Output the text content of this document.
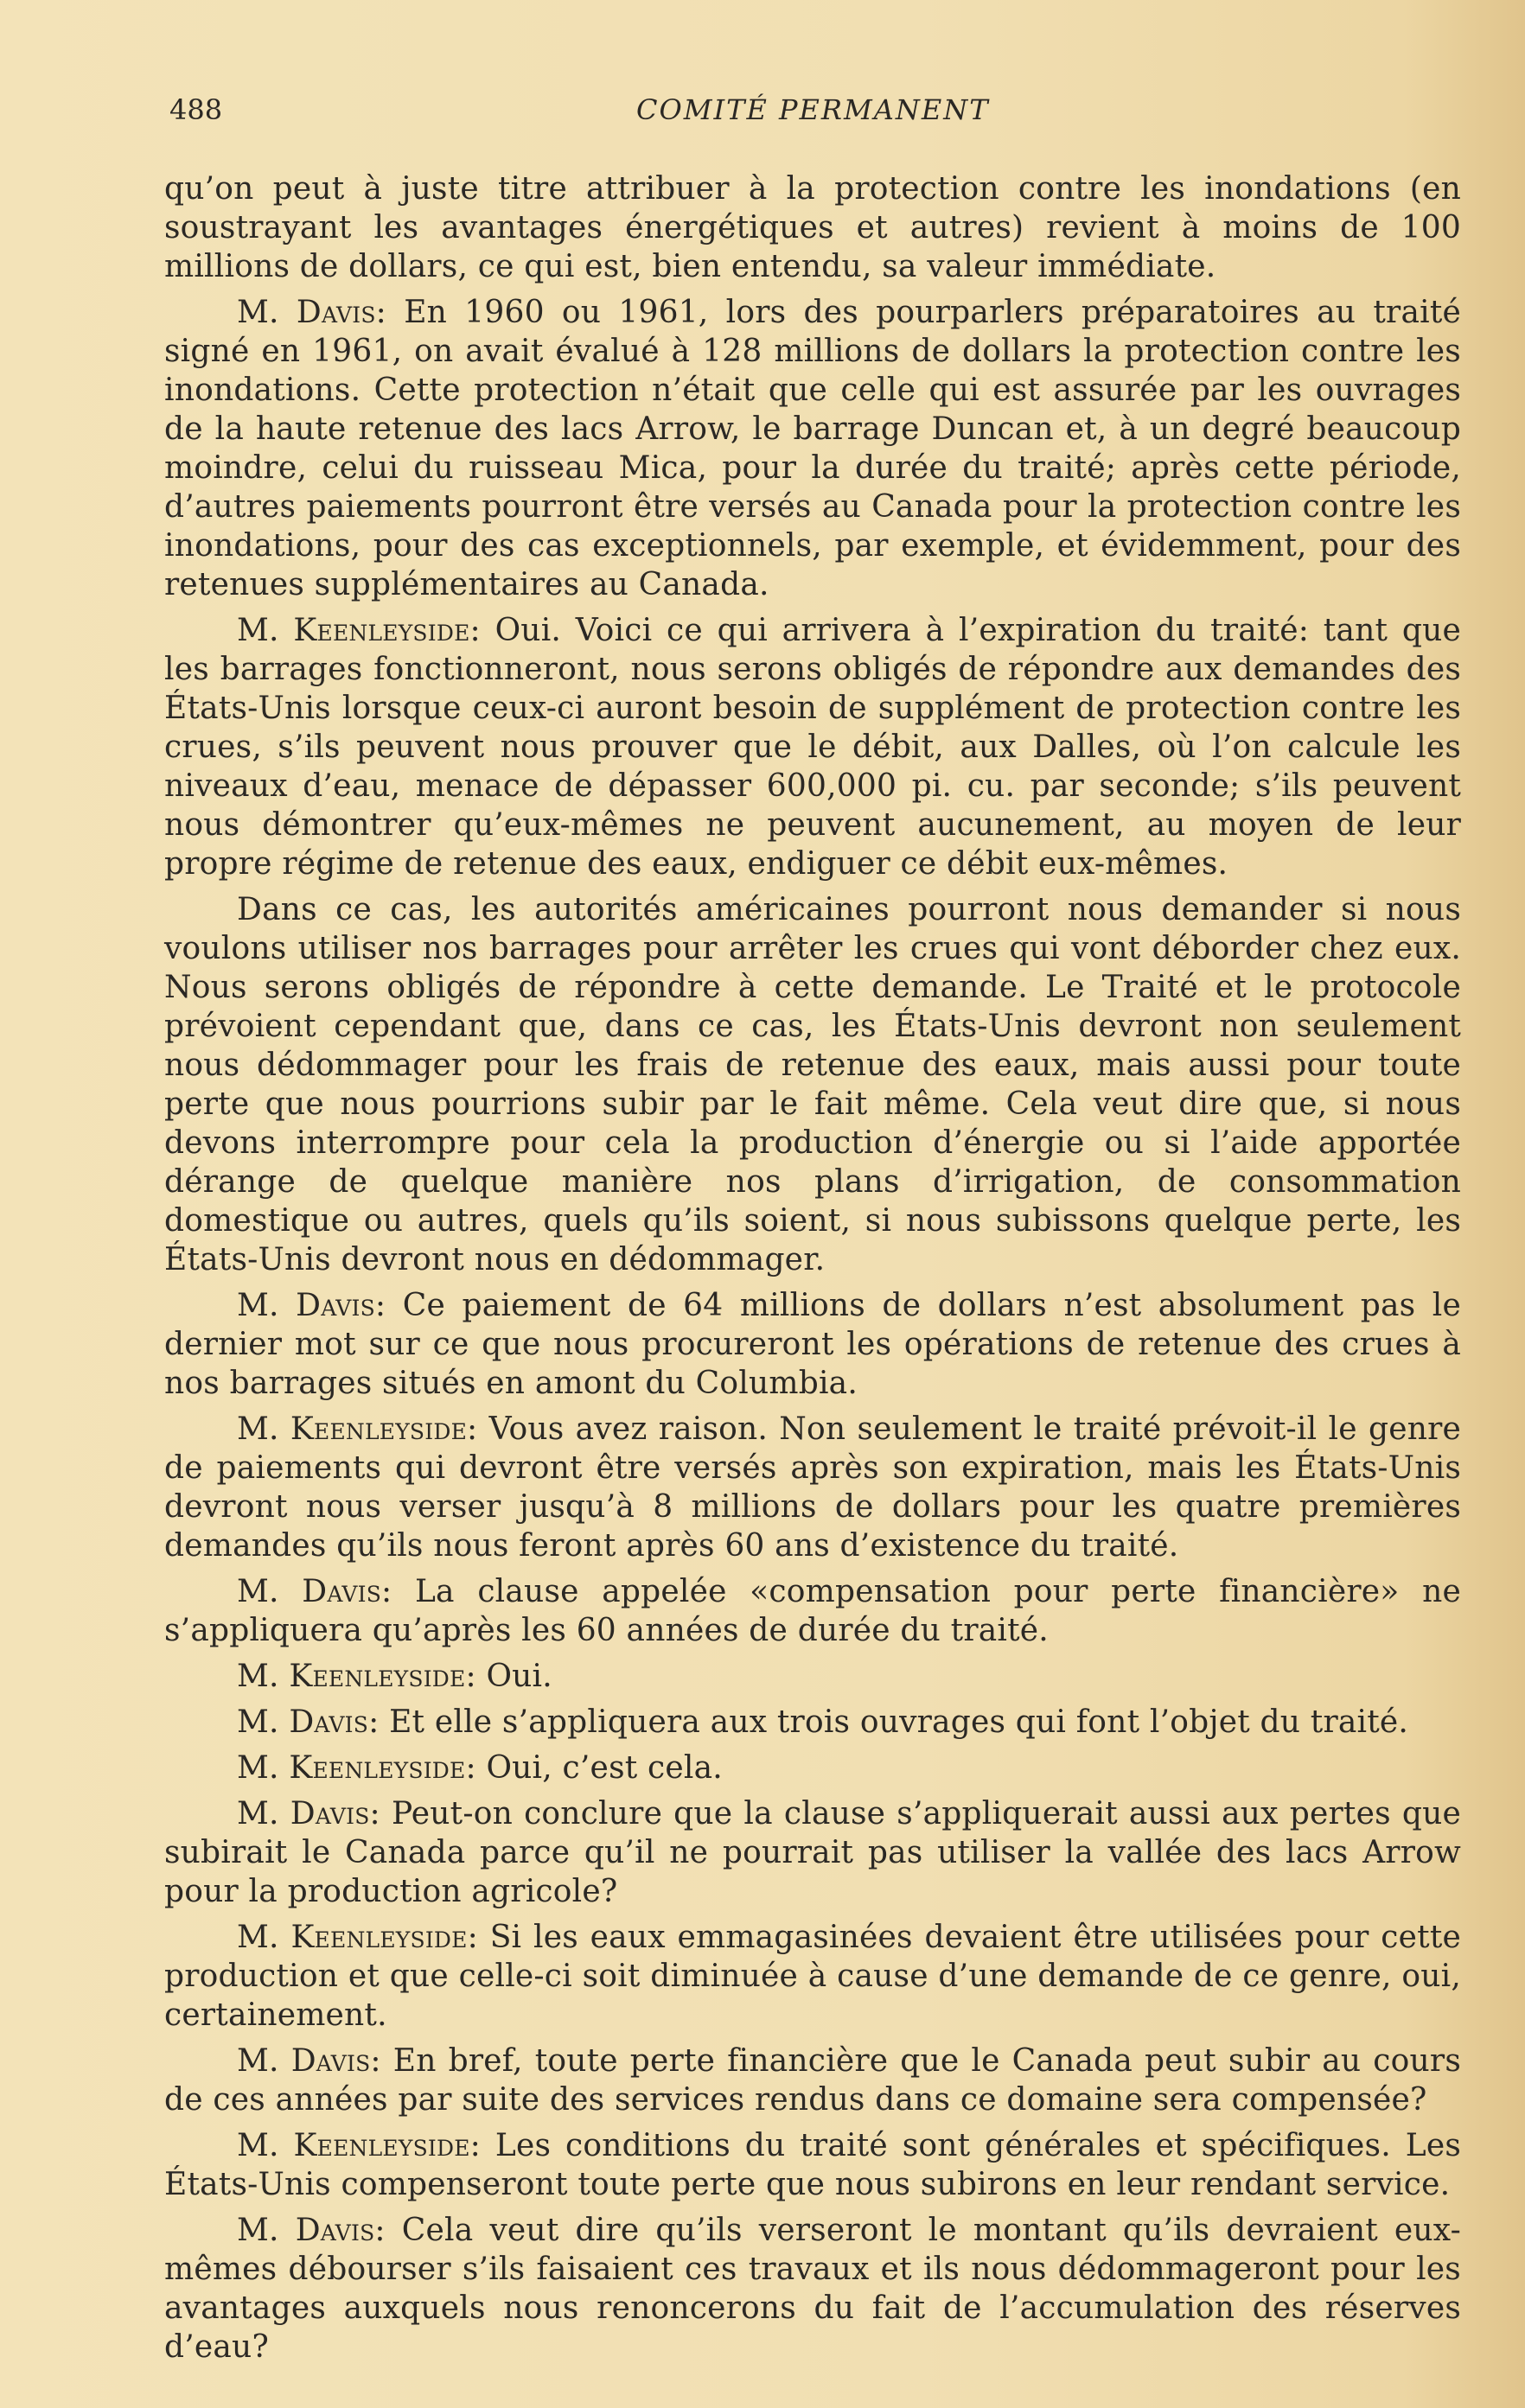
488	COMITÉ PERMANENT

qu’on peut à juste titre attribuer à la protection contre les inondations (en soustrayant les avantages énergétiques et autres) revient à moins de 100 millions de dollars, ce qui est, bien entendu, sa valeur immédiate.

M. Davis: En 1960 ou 1961, lors des pourparlers préparatoires au traité signé en 1961, on avait évalué à 128 millions de dollars la protection contre les inondations. Cette protection n’était que celle qui est assurée par les ouvrages de la haute retenue des lacs Arrow, le barrage Duncan et, à un degré beaucoup moindre, celui du ruisseau Mica, pour la durée du traité; après cette période, d’autres paiements pourront être versés au Canada pour la protection contre les inondations, pour des cas exceptionnels, par exemple, et évidemment, pour des retenues supplémentaires au Canada.

M. Keenleyside: Oui. Voici ce qui arrivera à l’expiration du traité: tant que les barrages fonctionneront, nous serons obligés de répondre aux demandes des États-Unis lorsque ceux-ci auront besoin de supplément de protection contre les crues, s’ils peuvent nous prouver que le débit, aux Dalles, où l’on calcule les niveaux d’eau, menace de dépasser 600,000 pi. cu. par seconde; s’ils peuvent nous démontrer qu’eux-mêmes ne peuvent aucunement, au moyen de leur propre régime de retenue des eaux, endiguer ce débit eux-mêmes.

Dans ce cas, les autorités américaines pourront nous demander si nous voulons utiliser nos barrages pour arrêter les crues qui vont déborder chez eux. Nous serons obligés de répondre à cette demande. Le Traité et le protocole prévoient cependant que, dans ce cas, les États-Unis devront non seulement nous dédommager pour les frais de retenue des eaux, mais aussi pour toute perte que nous pourrions subir par le fait même. Cela veut dire que, si nous devons interrompre pour cela la production d’énergie ou si l’aide apportée dérange de quelque manière nos plans d’irrigation, de consommation domestique ou autres, quels qu’ils soient, si nous subissons quelque perte, les États-Unis devront nous en dédommager.

M. Davis: Ce paiement de 64 millions de dollars n’est absolument pas le dernier mot sur ce que nous procureront les opérations de retenue des crues à nos barrages situés en amont du Columbia.

M. Keenleyside: Vous avez raison. Non seulement le traité prévoit-il le genre de paiements qui devront être versés après son expiration, mais les États-Unis devront nous verser jusqu’à 8 millions de dollars pour les quatre premières demandes qu’ils nous feront après 60 ans d’existence du traité.

M. Davis: La clause appelée «compensation pour perte financière» ne s’appliquera qu’après les 60 années de durée du traité.

M. Keenleyside: Oui.

M. Davis: Et elle s’appliquera aux trois ouvrages qui font l’objet du traité.

M. Keenleyside: Oui, c’est cela.

M. Davis: Peut-on conclure que la clause s’appliquerait aussi aux pertes que subirait le Canada parce qu’il ne pourrait pas utiliser la vallée des lacs Arrow pour la production agricole?

M. Keenleyside: Si les eaux emmagasinées devaient être utilisées pour cette production et que celle-ci soit diminuée à cause d’une demande de ce genre, oui, certainement.

M. Davis: En bref, toute perte financière que le Canada peut subir au cours de ces années par suite des services rendus dans ce domaine sera compensée?

M. Keenleyside: Les conditions du traité sont générales et spécifiques. Les États-Unis compenseront toute perte que nous subirons en leur rendant service.

M. Davis: Cela veut dire qu’ils verseront le montant qu’ils devraient eux-mêmes débourser s’ils faisaient ces travaux et ils nous dédommageront pour les avantages auxquels nous renoncerons du fait de l’accumulation des réserves d’eau?
